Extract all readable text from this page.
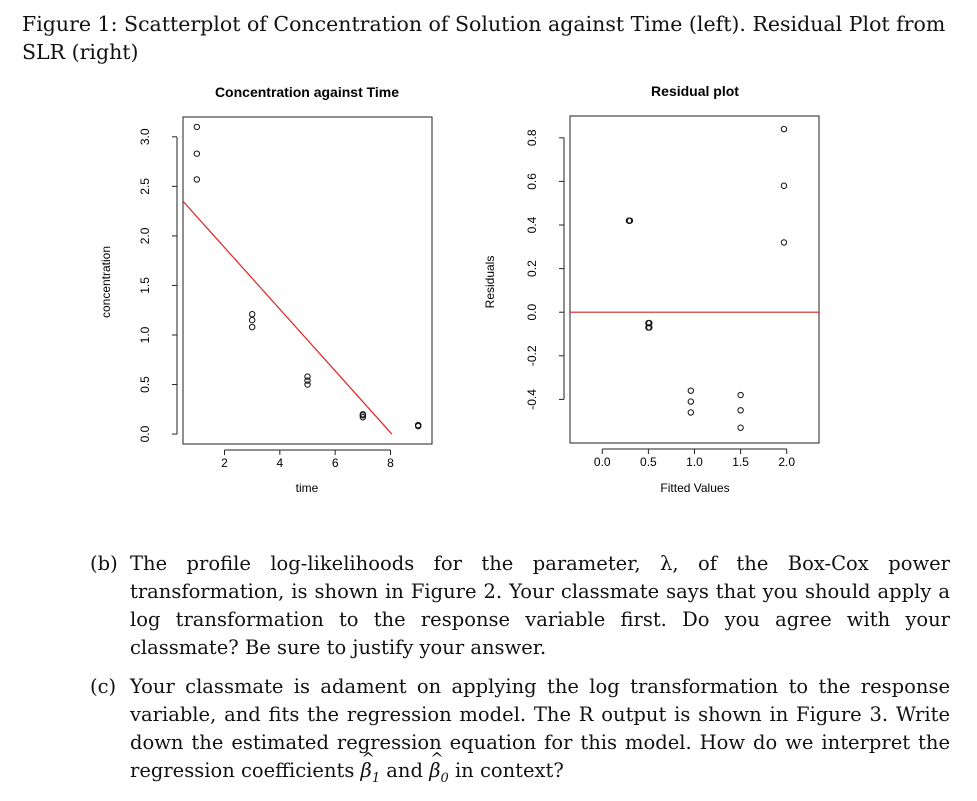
Figure 1: Scatterplot of Concentration of Solution against Time (left). Residual Plot from SLR (right)
Concentration against Time
2	4	6	8
0.0
0.5
1.0
1.5
2.0
2.5
3.0
time
concentration
Residual plot
0.0 0.5 1.0 1.5 2.0
-0.4
-0.2
0.0
0.2
0.4
0.6
0.8
Fitted Values
Residuals
(b) The profile log-likelihoods for the parameter, λ, of the Box-Cox power transformation, is shown in Figure 2. Your classmate says that you should apply a log transformation to the response variable first. Do you agree with your classmate? Be sure to justify your answer.
(c) Your classmate is adament on applying the log transformation to the response variable, and fits the regression model. The R output is shown in Figure 3. Write down the estimated regression equation for this model. How do we interpret the regression coefficients ^ $\beta_1$ and ^ $\beta_0$ in context?
